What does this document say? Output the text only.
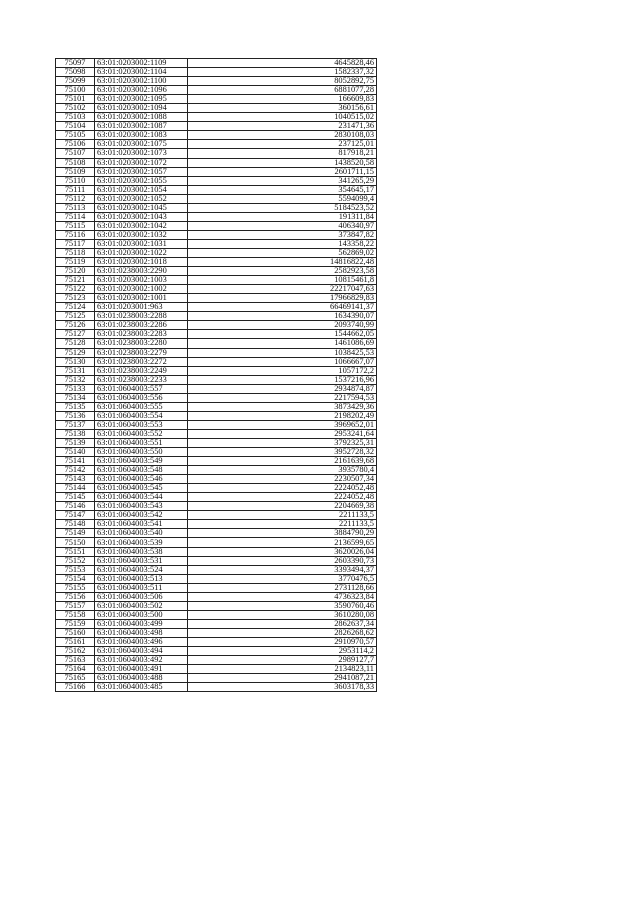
75097	63:01:0203002:1109	4645828,46
75098	63:01:0203002:1104	1582337,32
75099	63:01:0203002:1100	8052892,75
75100	63:01:0203002:1096	6881077,28
75101	63:01:0203002:1095	166609,83
75102	63:01:0203002:1094	360156,61
75103	63:01:0203002:1088	1040515,02
75104	63:01:0203002:1087	231471,36
75105	63:01:0203002:1083	2830108,03
75106	63:01:0203002:1075	237125,01
75107	63:01:0203002:1073	817918,21
75108	63:01:0203002:1072	1438520,58
75109	63:01:0203002:1057	2601711,15
75110	63:01:0203002:1055	341265,29
75111	63:01:0203002:1054	354645,17
75112	63:01:0203002:1052	5594099,4
75113	63:01:0203002:1045	5184523,52
75114	63:01:0203002:1043	191311,84
75115	63:01:0203002:1042	406340,97
75116	63:01:0203002:1032	373847,82
75117	63:01:0203002:1031	143358,22
75118	63:01:0203002:1022	562869,02
75119	63:01:0203002:1018	14816822,48
75120	63:01:0238003:2290	2582923,58
75121	63:01:0203002:1003	10815461,8
75122	63:01:0203002:1002	22217047,63
75123	63:01:0203002:1001	17966829,83
75124	63:01:0203001:963	66469141,37
75125	63:01:0238003:2288	1634390,07
75126	63:01:0238003:2286	2093740,99
75127	63:01:0238003:2283	1544662,05
75128	63:01:0238003:2280	1461086,69
75129	63:01:0238003:2279	1038425,53
75130	63:01:0238003:2272	1066667,07
75131	63:01:0238003:2249	1057172,2
75132	63:01:0238003:2233	1537216,96
75133	63:01:0604003:557	2934874,87
75134	63:01:0604003:556	2217594,53
75135	63:01:0604003:555	3873429,36
75136	63:01:0604003:554	2198202,49
75137	63:01:0604003:553	3969652,01
75138	63:01:0604003:552	2953241,64
75139	63:01:0604003:551	3792325,31
75140	63:01:0604003:550	3952728,32
75141	63:01:0604003:549	2161639,68
75142	63:01:0604003:548	3935780,4
75143	63:01:0604003:546	2230507,34
75144	63:01:0604003:545	2224052,48
75145	63:01:0604003:544	2224052,48
75146	63:01:0604003:543	2204669,38
75147	63:01:0604003:542	2211133,5
75148	63:01:0604003:541	2211133,5
75149	63:01:0604003:540	3884790,29
75150	63:01:0604003:539	2136599,65
75151	63:01:0604003:538	3620026,04
75152	63:01:0604003:531	2603390,73
75153	63:01:0604003:524	3393494,37
75154	63:01:0604003:513	3770476,5
75155	63:01:0604003:511	2731128,66
75156	63:01:0604003:506	4736323,84
75157	63:01:0604003:502	3590760,46
75158	63:01:0604003:500	3610280,08
75159	63:01:0604003:499	2862637,34
75160	63:01:0604003:498	2826268,62
75161	63:01:0604003:496	2910970,57
75162	63:01:0604003:494	2953114,2
75163	63:01:0604003:492	2989127,7
75164	63:01:0604003:491	2134823,11
75165	63:01:0604003:488	2941087,21
75166	63:01:0604003:485	3603178,33
